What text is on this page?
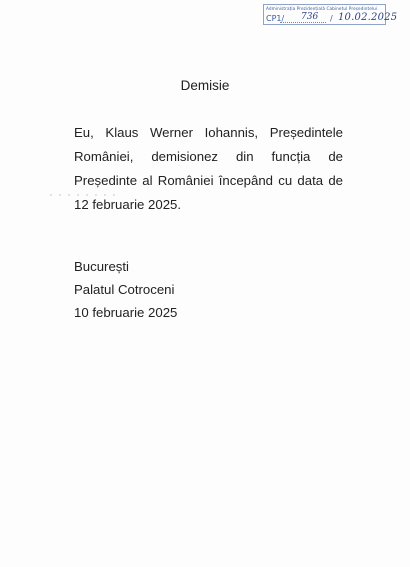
Administrația Prezidențială Cabinetul Președintelui
CP1/ 736 / 10.02.2025
Demisie
Eu, Klaus Werner Iohannis, Președintele României, demisionez din funcția de Președinte al României începând cu data de 12 februarie 2025.
București
Palatul Cotroceni
10 februarie 2025
